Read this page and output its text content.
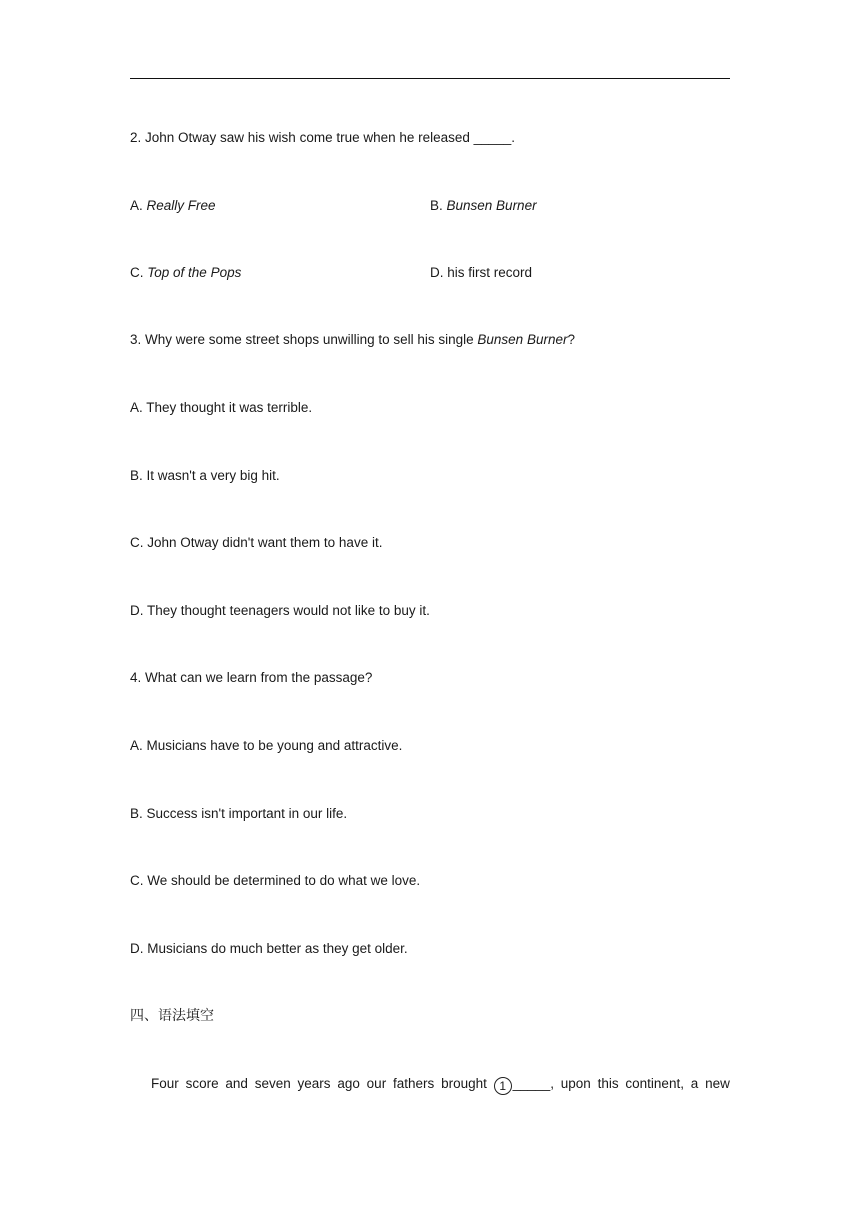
2. John Otway saw his wish come true when he released _____.
A. Really Free	B. Bunsen Burner
C. Top of the Pops	D. his first record
3. Why were some street shops unwilling to sell his single Bunsen Burner?
A. They thought it was terrible.
B. It wasn't a very big hit.
C. John Otway didn't want them to have it.
D. They thought teenagers would not like to buy it.
4. What can we learn from the passage?
A. Musicians have to be young and attractive.
B. Success isn't important in our life.
C. We should be determined to do what we love.
D. Musicians do much better as they get older.
四、语法填空
Four score and seven years ago our fathers brought	1 _____, upon this continent, a new
